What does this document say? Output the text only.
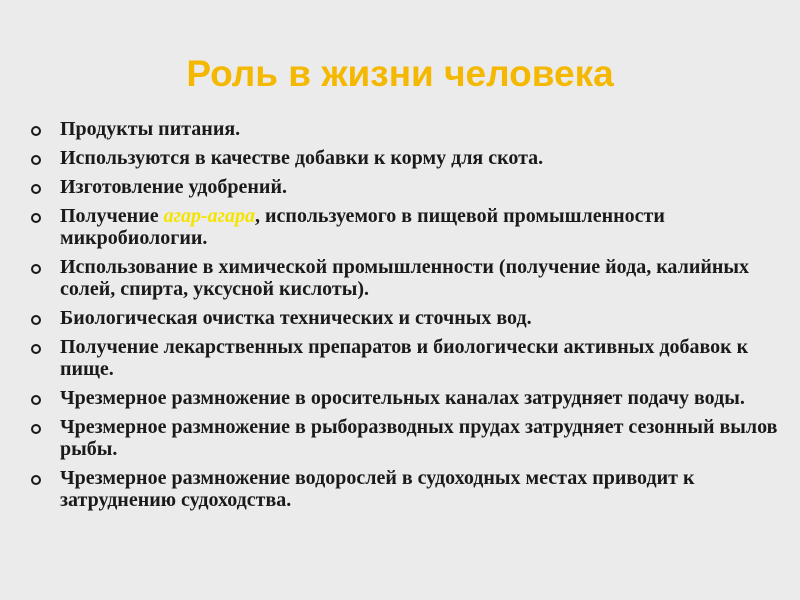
Роль в жизни человека
Продукты питания.
Используются в качестве добавки к корму для скота.
Изготовление удобрений.
Получение агар-агара, используемого в пищевой промышленности микробиологии.
Использование в химической промышленности (получение йода, калийных солей, спирта, уксусной кислоты).
Биологическая очистка технических и сточных вод.
Получение лекарственных препаратов и биологически активных добавок к пище.
Чрезмерное размножение в оросительных каналах затрудняет подачу воды.
Чрезмерное размножение в рыборазводных прудах затрудняет сезонный вылов рыбы.
Чрезмерное размножение водорослей в судоходных местах приводит к затруднению судоходства.
